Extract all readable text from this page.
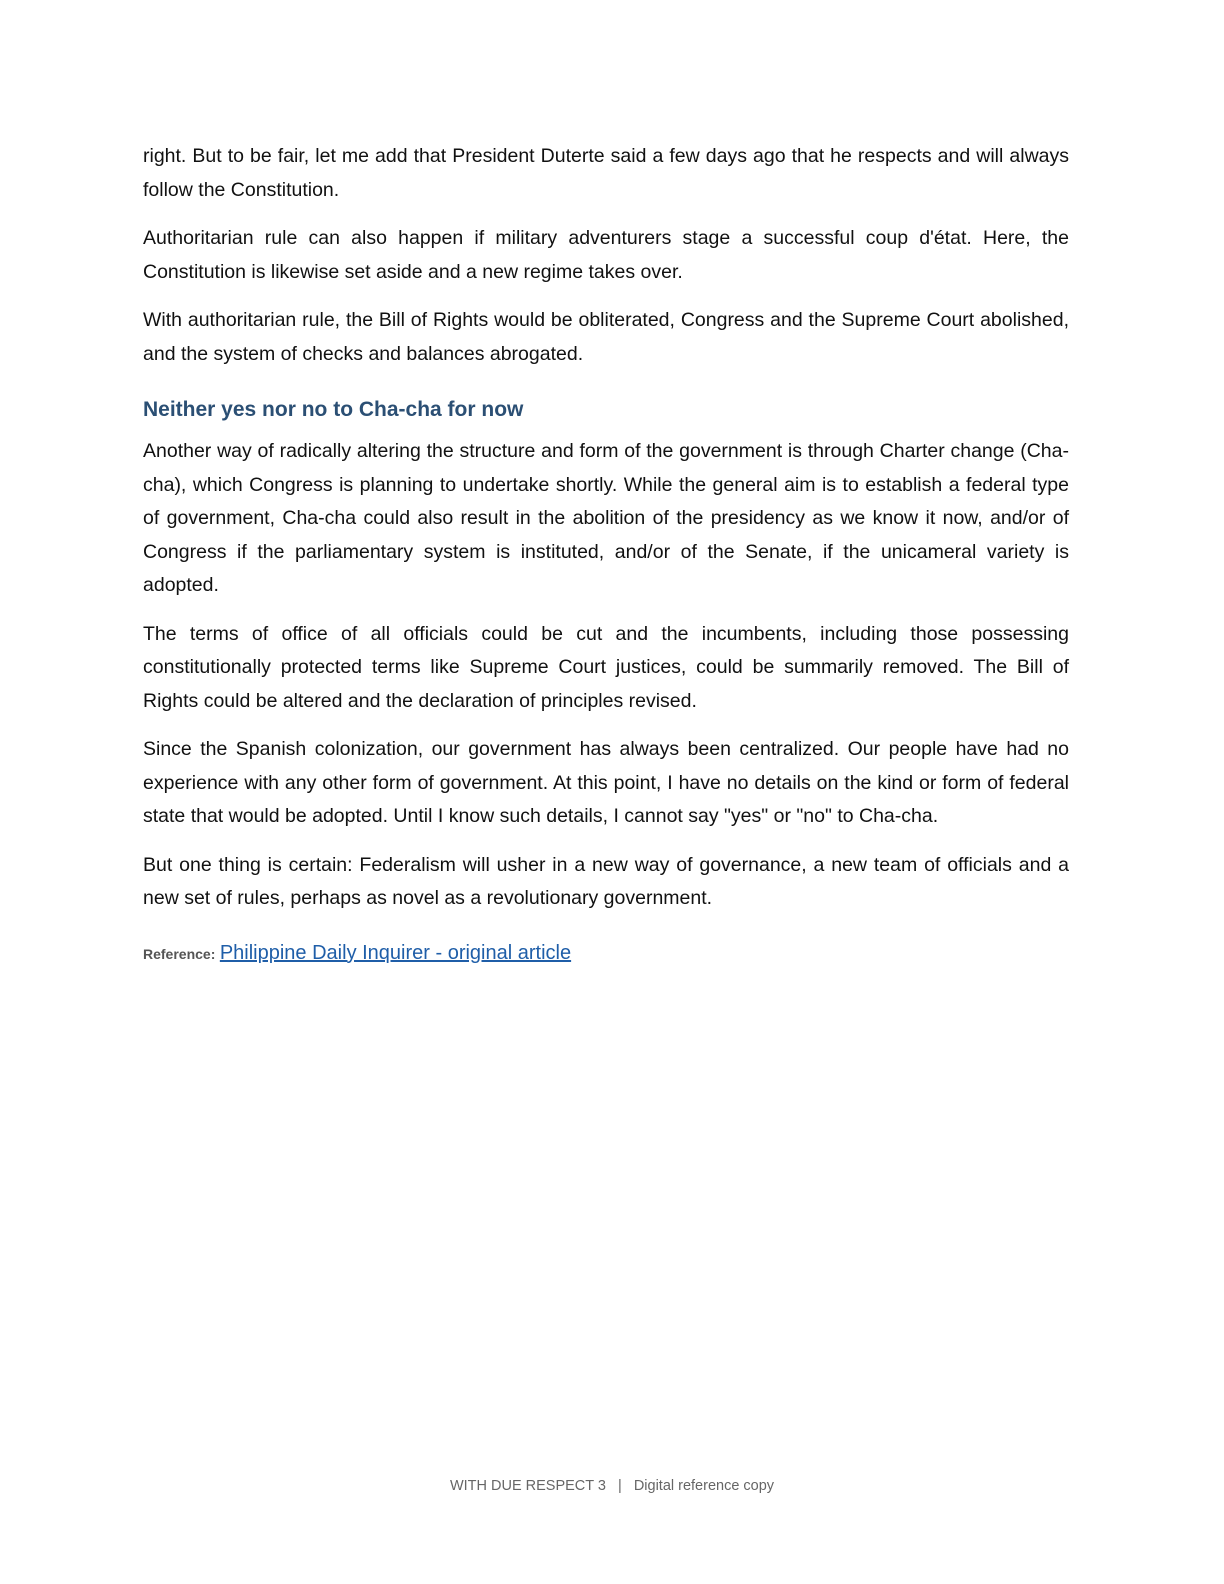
right. But to be fair, let me add that President Duterte said a few days ago that he respects and will always follow the Constitution.

Authoritarian rule can also happen if military adventurers stage a successful coup d'état. Here, the Constitution is likewise set aside and a new regime takes over.

With authoritarian rule, the Bill of Rights would be obliterated, Congress and the Supreme Court abolished, and the system of checks and balances abrogated.

Neither yes nor no to Cha-cha for now

Another way of radically altering the structure and form of the government is through Charter change (Cha-cha), which Congress is planning to undertake shortly. While the general aim is to establish a federal type of government, Cha-cha could also result in the abolition of the presidency as we know it now, and/or of Congress if the parliamentary system is instituted, and/or of the Senate, if the unicameral variety is adopted.

The terms of office of all officials could be cut and the incumbents, including those possessing constitutionally protected terms like Supreme Court justices, could be summarily removed. The Bill of Rights could be altered and the declaration of principles revised.

Since the Spanish colonization, our government has always been centralized. Our people have had no experience with any other form of government. At this point, I have no details on the kind or form of federal state that would be adopted. Until I know such details, I cannot say "yes" or "no" to Cha-cha.

But one thing is certain: Federalism will usher in a new way of governance, a new team of officials and a new set of rules, perhaps as novel as a revolutionary government.

Reference: Philippine Daily Inquirer - original article
WITH DUE RESPECT 3 | Digital reference copy
